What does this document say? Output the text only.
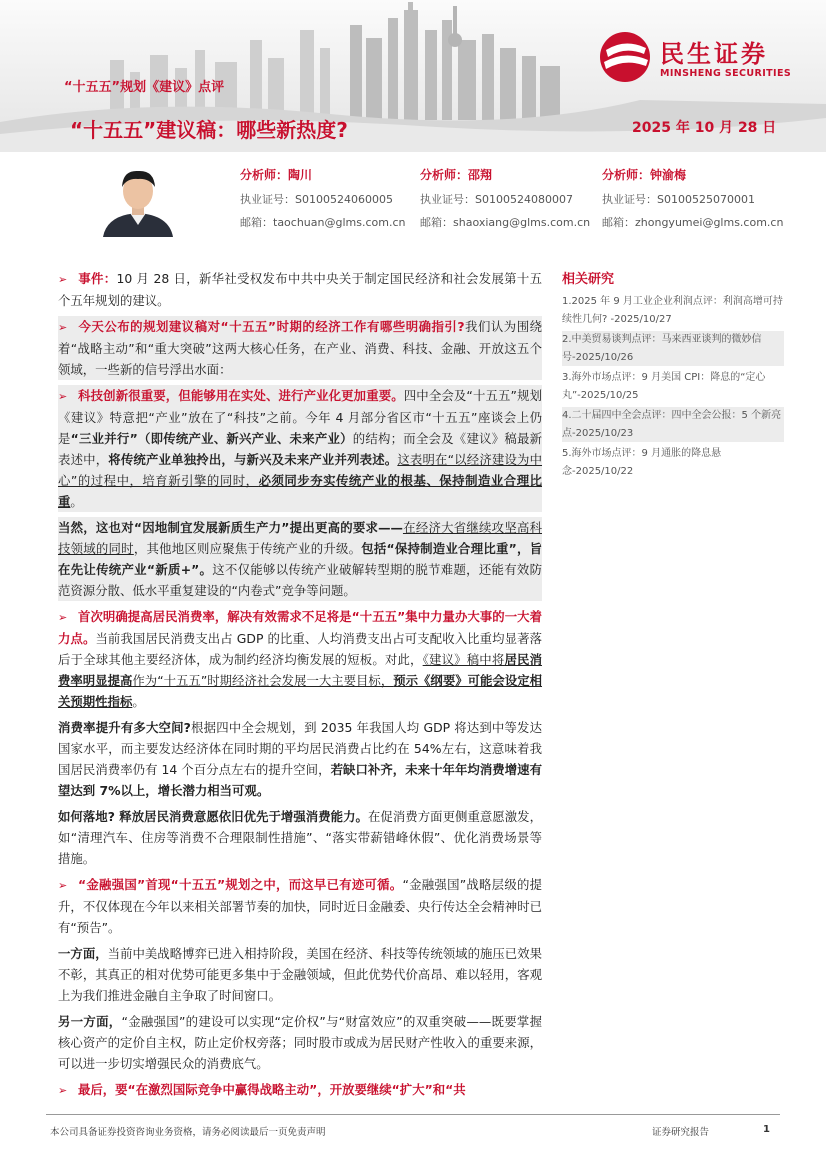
“十五五”规划《建议》点评
“十五五”建议稿：哪些新热度?	2025 年 10 月 28 日
民生证券
MINSHENG SECURITIES
分析师：陶川
执业证号：S0100524060005
邮箱：taochuan@glms.com.cn
分析师：邵翔
执业证号：S0100524080007
邮箱：shaoxiang@glms.com.cn
分析师：钟渝梅
执业证号：S0100525070001
邮箱：zhongyumei@glms.com.cn

➢ 事件：10 月 28 日，新华社受权发布中共中央关于制定国民经济和社会发展第十五个五年规划的建议。

➢ 今天公布的规划建议稿对“十五五”时期的经济工作有哪些明确指引?我们认为围绕着“战略主动”和“重大突破”这两大核心任务，在产业、消费、科技、金融、开放这五个领域，一些新的信号浮出水面：

➢ 科技创新很重要，但能够用在实处、进行产业化更加重要。四中全会及“十五五”规划《建议》特意把“产业”放在了“科技”之前。今年 4 月部分省区市“十五五”座谈会上仍是“三业并行”（即传统产业、新兴产业、未来产业）的结构；而全会及《建议》稿最新表述中，将传统产业单独拎出，与新兴及未来产业并列表述。这表明在“以经济建设为中心”的过程中，培育新引擎的同时，必须同步夯实传统产业的根基、保持制造业合理比重。

当然，这也对“因地制宜发展新质生产力”提出更高的要求——在经济大省继续攻坚高科技领域的同时，其他地区则应聚焦于传统产业的升级。包括“保持制造业合理比重”，旨在先让传统产业“新质+”。这不仅能够以传统产业破解转型期的脱节难题，还能有效防范资源分散、低水平重复建设的“内卷式”竞争等问题。

➢ 首次明确提高居民消费率，解决有效需求不足将是“十五五”集中力量办大事的一大着力点。当前我国居民消费支出占 GDP 的比重、人均消费支出占可支配收入比重均显著落后于全球其他主要经济体，成为制约经济均衡发展的短板。对此，《建议》稿中将居民消费率明显提高作为“十五五”时期经济社会发展一大主要目标，预示《纲要》可能会设定相关预期性指标。

消费率提升有多大空间?根据四中全会规划，到 2035 年我国人均 GDP 将达到中等发达国家水平，而主要发达经济体在同时期的平均居民消费占比约在 54%左右，这意味着我国居民消费率仍有 14 个百分点左右的提升空间，若缺口补齐，未来十年年均消费增速有望达到 7%以上，增长潜力相当可观。

如何落地? 释放居民消费意愿依旧优先于增强消费能力。在促消费方面更侧重意愿激发，如“清理汽车、住房等消费不合理限制性措施”、“落实带薪错峰休假”、优化消费场景等措施。

➢ “金融强国”首现“十五五”规划之中，而这早已有迹可循。“金融强国”战略层级的提升，不仅体现在今年以来相关部署节奏的加快，同时近日金融委、央行传达全会精神时已有“预告”。

一方面，当前中美战略博弈已进入相持阶段，美国在经济、科技等传统领域的施压已效果不彰，其真正的相对优势可能更多集中于金融领域，但此优势代价高昂、难以轻用，客观上为我们推进金融自主争取了时间窗口。

另一方面，“金融强国”的建设可以实现“定价权”与“财富效应”的双重突破——既要掌握核心资产的定价自主权，防止定价权旁落；同时股市或成为居民财产性收入的重要来源，可以进一步切实增强民众的消费底气。

➢ 最后，要“在激烈国际竞争中赢得战略主动”，开放要继续“扩大”和“共

相关研究
1.2025 年 9 月工业企业利润点评：利润高增可持续性几何? -2025/10/27
2.中美贸易谈判点评：马来西亚谈判的微妙信号-2025/10/26
3.海外市场点评：9 月美国 CPI：降息的“定心丸”-2025/10/25
4.二十届四中全会点评：四中全会公报：5 个新亮点-2025/10/23
5.海外市场点评：9 月通胀的降息悬念-2025/10/22
本公司具备证券投资咨询业务资格，请务必阅读最后一页免责声明	证券研究报告	1
